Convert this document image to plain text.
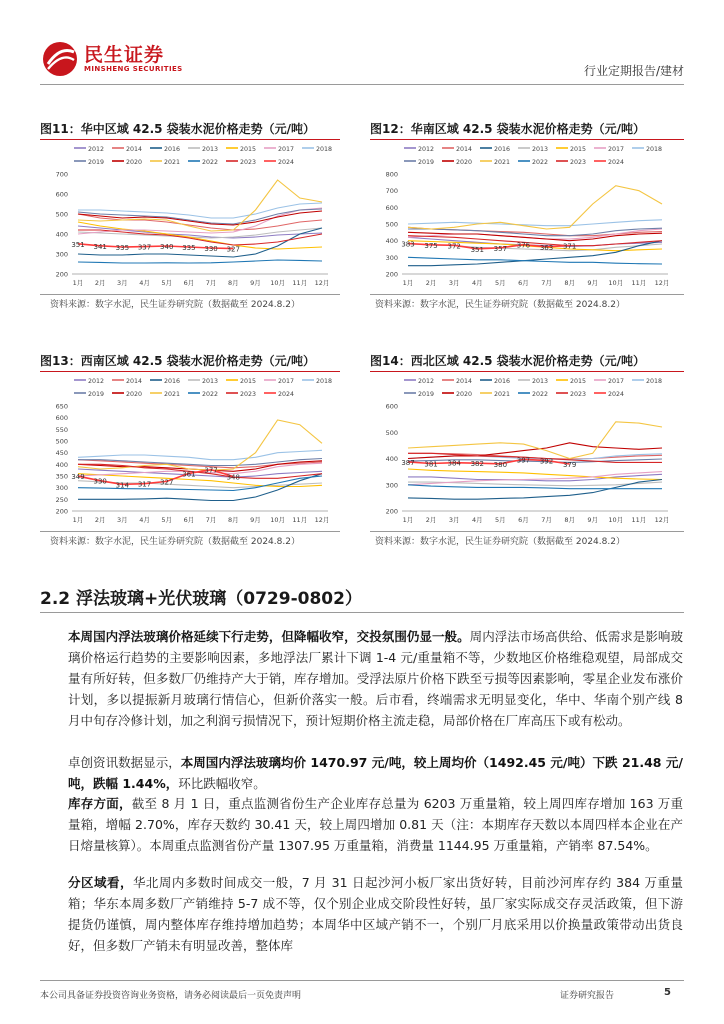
民生证券
MINSHENG SECURITIES	行业定期报告/建材
图11：华中区域 42.5 袋装水泥价格走势（元/吨）
2012	2014	2016	2013	2015	2017	2018
2019	2020	2021	2022	2023	2024
200
300
400
500
600
700
1月 2月 3月 4月 5月 6月 7月 8月 9月 10月 11月 12月
351 341 335 337 340 335 330 327
资料来源：数字水泥，民生证券研究院（数据截至 2024.8.2）
图12：华南区域 42.5 袋装水泥价格走势（元/吨）
2012	2014	2016	2013	2015	2017	2018
2019	2020	2021	2022	2023	2024
200
300
400
500
600
700
800
1月 2月 3月 4月 5月 6月 7月 8月 9月 10月 11月 12月
383 375 372 351 357 376 363 371
资料来源：数字水泥，民生证券研究院（数据截至 2024.8.2）
图13：西南区域 42.5 袋装水泥价格走势（元/吨）
2012	2014	2016	2013	2015	2017	2018
2019	2020	2021	2022	2023	2024
200
250
300
350
400
450
500
550
600
650
1月 2月 3月 4月 5月 6月 7月 8月 9月 10月 11月 12月
349
330 314 317 327
361 377
348
资料来源：数字水泥，民生证券研究院（数据截至 2024.8.2）
图14：西北区域 42.5 袋装水泥价格走势（元/吨）
2012	2014	2016	2013	2015	2017	2018
2019	2020	2021	2022	2023	2024
200
300
400
500
600
1月 2月 3月 4月 5月 6月 7月 8月 9月 10月 11月 12月
387 381 384 382 380
397 392 379
资料来源：数字水泥，民生证券研究院（数据截至 2024.8.2）
2.2 浮法玻璃+光伏玻璃（0729-0802）
本周国内浮法玻璃价格延续下行走势，但降幅收窄，交投氛围仍显一般。周内浮法市场高供给、低需求是影响玻璃价格运行趋势的主要影响因素，多地浮法厂累计下调 1-4 元/重量箱不等，少数地区价格维稳观望，局部成交量有所好转，但多数厂仍维持产大于销，库存增加。受浮法原片价格下跌至亏损等因素影响，零星企业发布涨价计划，多以提振新月玻璃行情信心，但新价落实一般。后市看，终端需求无明显变化，华中、华南个别产线 8 月中旬存冷修计划，加之利润亏损情况下，预计短期价格主流走稳，局部价格在厂库高压下或有松动。
卓创资讯数据显示，本周国内浮法玻璃均价 1470.97 元/吨，较上周均价（1492.45 元/吨）下跌 21.48 元/吨，跌幅 1.44%，环比跌幅收窄。
库存方面，截至 8 月 1 日，重点监测省份生产企业库存总量为 6203 万重量箱，较上周四库存增加 163 万重量箱，增幅 2.70%，库存天数约 30.41 天，较上周四增加 0.81 天（注：本期库存天数以本周四样本企业在产日熔量核算）。本周重点监测省份产量 1307.95 万重量箱，消费量 1144.95 万重量箱，产销率 87.54%。
分区域看，华北周内多数时间成交一般，7 月 31 日起沙河小板厂家出货好转，目前沙河库存约 384 万重量箱；华东本周多数厂产销维持 5-7 成不等，仅个别企业成交阶段性好转，虽厂家实际成交存灵活政策，但下游提货仍谨慎，周内整体库存维持增加趋势；本周华中区域产销不一，个别厂月底采用以价换量政策带动出货良好，但多数厂产销未有明显改善，整体库
本公司具备证券投资咨询业务资格，请务必阅读最后一页免责声明	证券研究报告	5
